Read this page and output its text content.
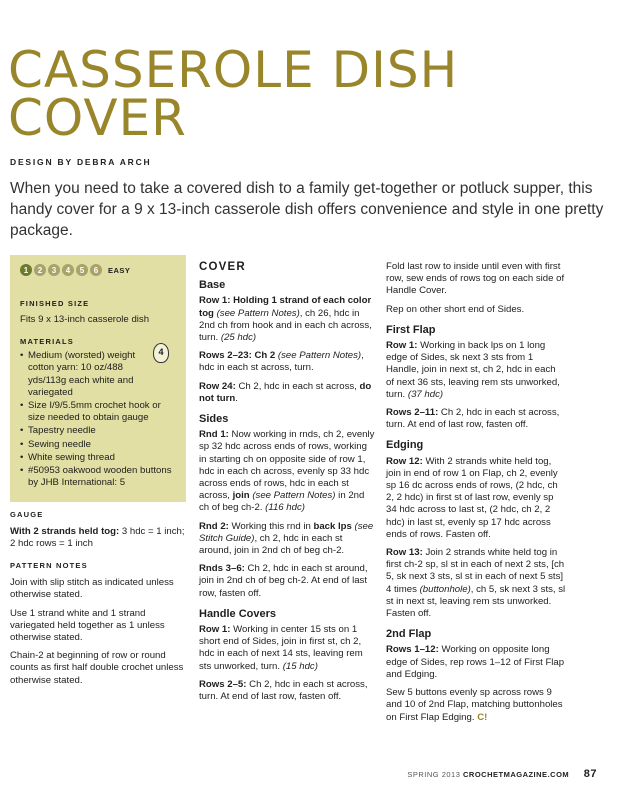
CASSEROLE DISH
COVER
DESIGN BY DEBRA ARCH
When you need to take a covered dish to a family get-together or potluck supper, this handy cover for a 9 x 13-inch casserole dish offers convenience and style in one pretty package.
1	2	3	4	5	6	EASY
FINISHED SIZE
Fits 9 x 13-inch casserole dish
MATERIALS
• Medium (worsted) weight cotton yarn: 10 oz/488 yds/113g each white and variegated
• Size I/9/5.5mm crochet hook or size needed to obtain gauge
• Tapestry needle
• Sewing needle
• White sewing thread
• #50953 oakwood wooden buttons by JHB International: 5
4
GAUGE
With 2 strands held tog: 3 hdc = 1 inch;
2 hdc rows = 1 inch
PATTERN NOTES

Join with slip stitch as indicated unless otherwise stated.

Use 1 strand white and 1 strand variegated held together as 1 unless otherwise stated.

Chain-2 at beginning of row or round counts as first half double crochet unless otherwise stated.

COVER
Base

Row 1: Holding 1 strand of each color tog (see Pattern Notes), ch 26, hdc in 2nd ch from hook and in each ch across, turn. (25 hdc)

Rows 2–23: Ch 2 (see Pattern Notes), hdc in each st across, turn.

Row 24: Ch 2, hdc in each st across, do not turn.

Sides

Rnd 1: Now working in rnds, ch 2, evenly sp 32 hdc across ends of rows, working in starting ch on opposite side of row 1, hdc in each ch across, evenly sp 33 hdc across ends of rows, hdc in each st across, join (see Pattern Notes) in 2nd ch of beg ch-2. (116 hdc)

Rnd 2: Working this rnd in back lps (see Stitch Guide), ch 2, hdc in each st around, join in 2nd ch of beg ch-2.

Rnds 3–6: Ch 2, hdc in each st around, join in 2nd ch of beg ch-2. At end of last row, fasten off.

Handle Covers

Row 1: Working in center 15 sts on 1 short end of Sides, join in first st, ch 2, hdc in each of next 14 sts, leaving rem sts unworked, turn. (15 hdc)

Rows 2–5: Ch 2, hdc in each st across, turn. At end of last row, fasten off.

Fold last row to inside until even with first row, sew ends of rows tog on each side of Handle Cover.

Rep on other short end of Sides.

First Flap

Row 1: Working in back lps on 1 long edge of Sides, sk next 3 sts from 1 Handle, join in next st, ch 2, hdc in each of next 36 sts, leaving rem sts unworked, turn. (37 hdc)

Rows 2–11: Ch 2, hdc in each st across, turn. At end of last row, fasten off.

Edging

Row 12: With 2 strands white held tog, join in end of row 1 on Flap, ch 2, evenly sp 16 dc across ends of rows, (2 hdc, ch 2, 2 hdc) in first st of last row, evenly sp 34 hdc across to last st, (2 hdc, ch 2, 2 hdc) in last st, evenly sp 17 hdc across ends of rows. Fasten off.

Row 13: Join 2 strands white held tog in first ch-2 sp, sl st in each of next 2 sts, [ch 5, sk next 3 sts, sl st in each of next 5 sts] 4 times (buttonhole), ch 5, sk next 3 sts, sl st in next st, leaving rem sts unworked. Fasten off.

2nd Flap

Rows 1–12: Working on opposite long edge of Sides, rep rows 1–12 of First Flap and Edging.

Sew 5 buttons evenly sp across rows 9 and 10 of 2nd Flap, matching buttonholes on First Flap Edging. C!

SPRING 2013 CROCHETMAGAZINE.COM 87
